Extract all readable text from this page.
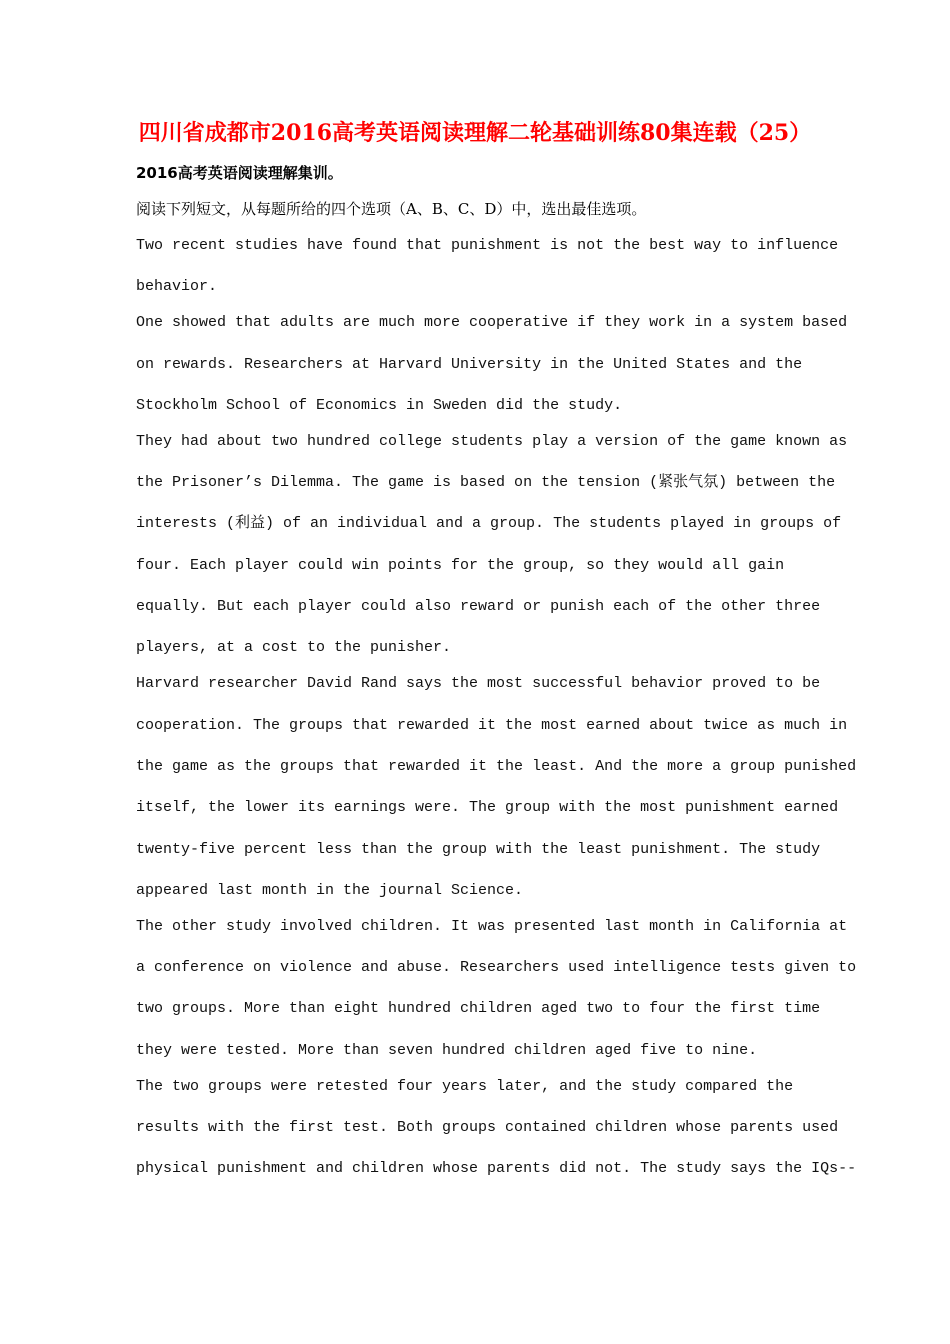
四川省成都市2016高考英语阅读理解二轮基础训练80集连载（25）
2016高考英语阅读理解集训。
阅读下列短文，从每题所给的四个选项（A、B、C、D）中，选出最佳选项。
Two recent studies have found that punishment is not the best way to influence
behavior.
One showed that adults are much more cooperative if they work in a system based
on rewards. Researchers at Harvard University in the United States and the
Stockholm School of Economics in Sweden did the study.
They had about two hundred college students play a version of the game known as
the Prisoner’s Dilemma. The game is based on the tension (紧张气氛) between the
interests (利益) of an individual and a group. The students played in groups of
four. Each player could win points for the group, so they would all gain
equally. But each player could also reward or punish each of the other three
players, at a cost to the punisher.
Harvard researcher David Rand says the most successful behavior proved to be
cooperation. The groups that rewarded it the most earned about twice as much in
the game as the groups that rewarded it the least. And the more a group punished
itself, the lower its earnings were. The group with the most punishment earned
twenty-five percent less than the group with the least punishment. The study
appeared last month in the journal Science.
The other study involved children. It was presented last month in California at
a conference on violence and abuse. Researchers used intelligence tests given to
two groups. More than eight hundred children aged two to four the first time
they were tested. More than seven hundred children aged five to nine.
The two groups were retested four years later, and the study compared the
results with the first test. Both groups contained children whose parents used
physical punishment and children whose parents did not. The study says the IQs--
